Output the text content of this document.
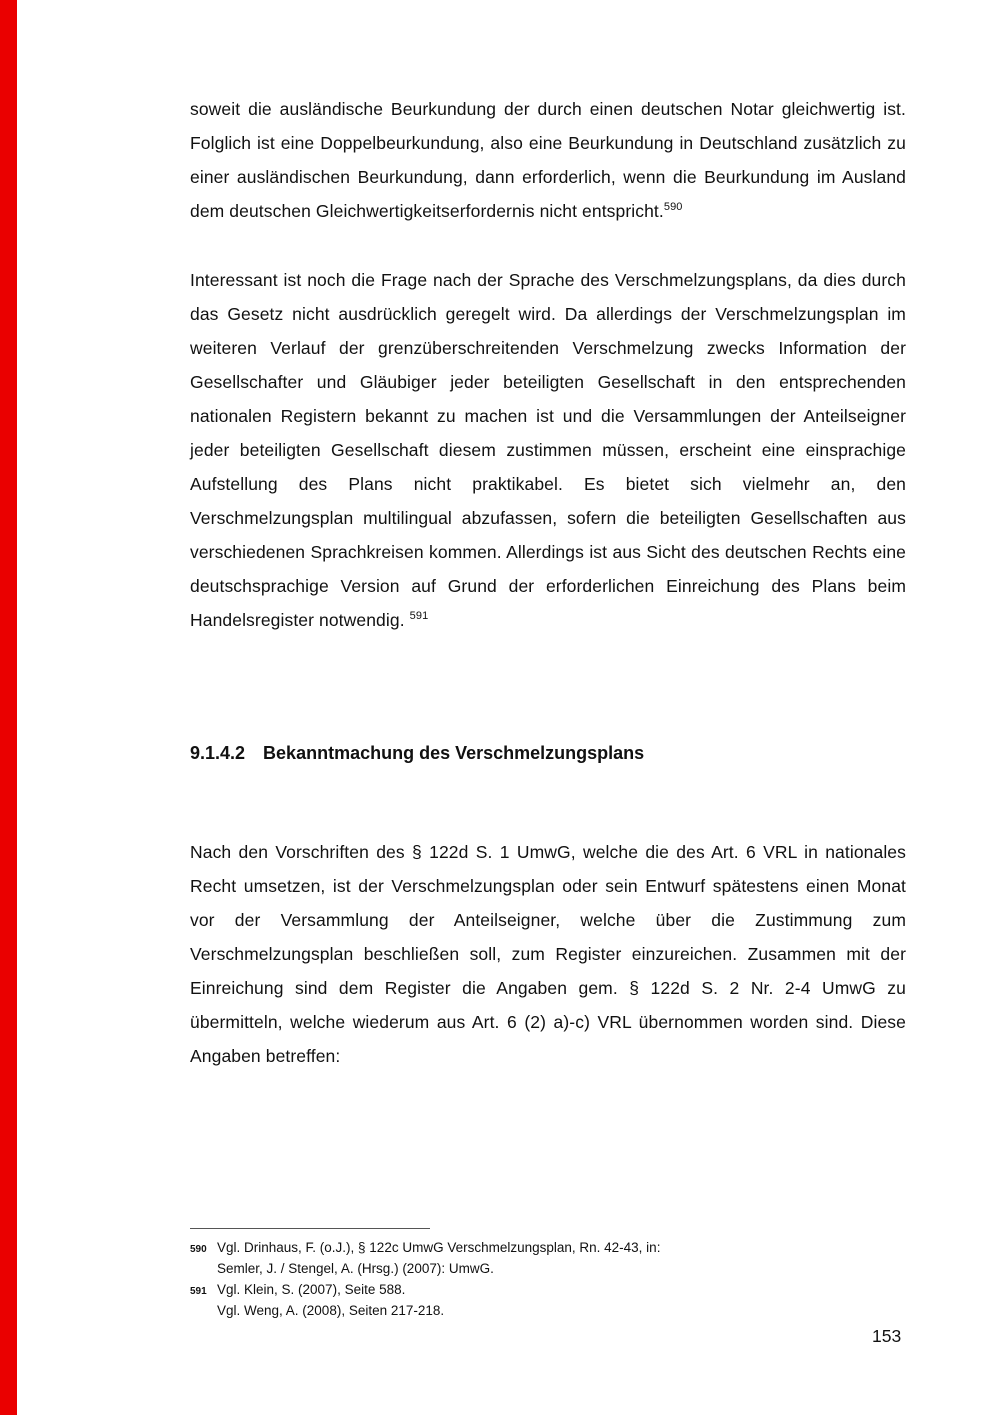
soweit die ausländische Beurkundung der durch einen deutschen Notar gleichwertig ist. Folglich ist eine Doppelbeurkundung, also eine Beurkundung in Deutschland zusätzlich zu einer ausländischen Beurkundung, dann erforderlich, wenn die Beurkundung im Ausland dem deutschen Gleichwertigkeitserfordernis nicht entspricht.$^{590}$

Interessant ist noch die Frage nach der Sprache des Verschmelzungsplans, da dies durch das Gesetz nicht ausdrücklich geregelt wird. Da allerdings der Verschmelzungsplan im weiteren Verlauf der grenzüberschreitenden Verschmelzung zwecks Information der Gesellschafter und Gläubiger jeder beteiligten Gesellschaft in den entsprechenden nationalen Registern bekannt zu machen ist und die Versammlungen der Anteilseigner jeder beteiligten Gesellschaft diesem zustimmen müssen, erscheint eine einsprachige Aufstellung des Plans nicht praktikabel. Es bietet sich vielmehr an, den Verschmelzungsplan multilingual abzufassen, sofern die beteiligten Gesellschaften aus verschiedenen Sprachkreisen kommen. Allerdings ist aus Sicht des deutschen Rechts eine deutschsprachige Version auf Grund der erforderlichen Einreichung des Plans beim Handelsregister notwendig. $^{591}$

9.1.4.2 Bekanntmachung des Verschmelzungsplans

Nach den Vorschriften des § 122d S. 1 UmwG, welche die des Art. 6 VRL in nationales Recht umsetzen, ist der Verschmelzungsplan oder sein Entwurf spätestens einen Monat vor der Versammlung der Anteilseigner, welche über die Zustimmung zum Verschmelzungsplan beschließen soll, zum Register einzureichen. Zusammen mit der Einreichung sind dem Register die Angaben gem. § 122d S. 2 Nr. 2-4 UmwG zu übermitteln, welche wiederum aus Art. 6 (2) a)-c) VRL übernommen worden sind. Diese Angaben betreffen:

590 Vgl. Drinhaus, F. (o.J.), § 122c UmwG Verschmelzungsplan, Rn. 42-43, in:
Semler, J. / Stengel, A. (Hrsg.) (2007): UmwG.
591 Vgl. Klein, S. (2007), Seite 588.
Vgl. Weng, A. (2008), Seiten 217-218.
153
